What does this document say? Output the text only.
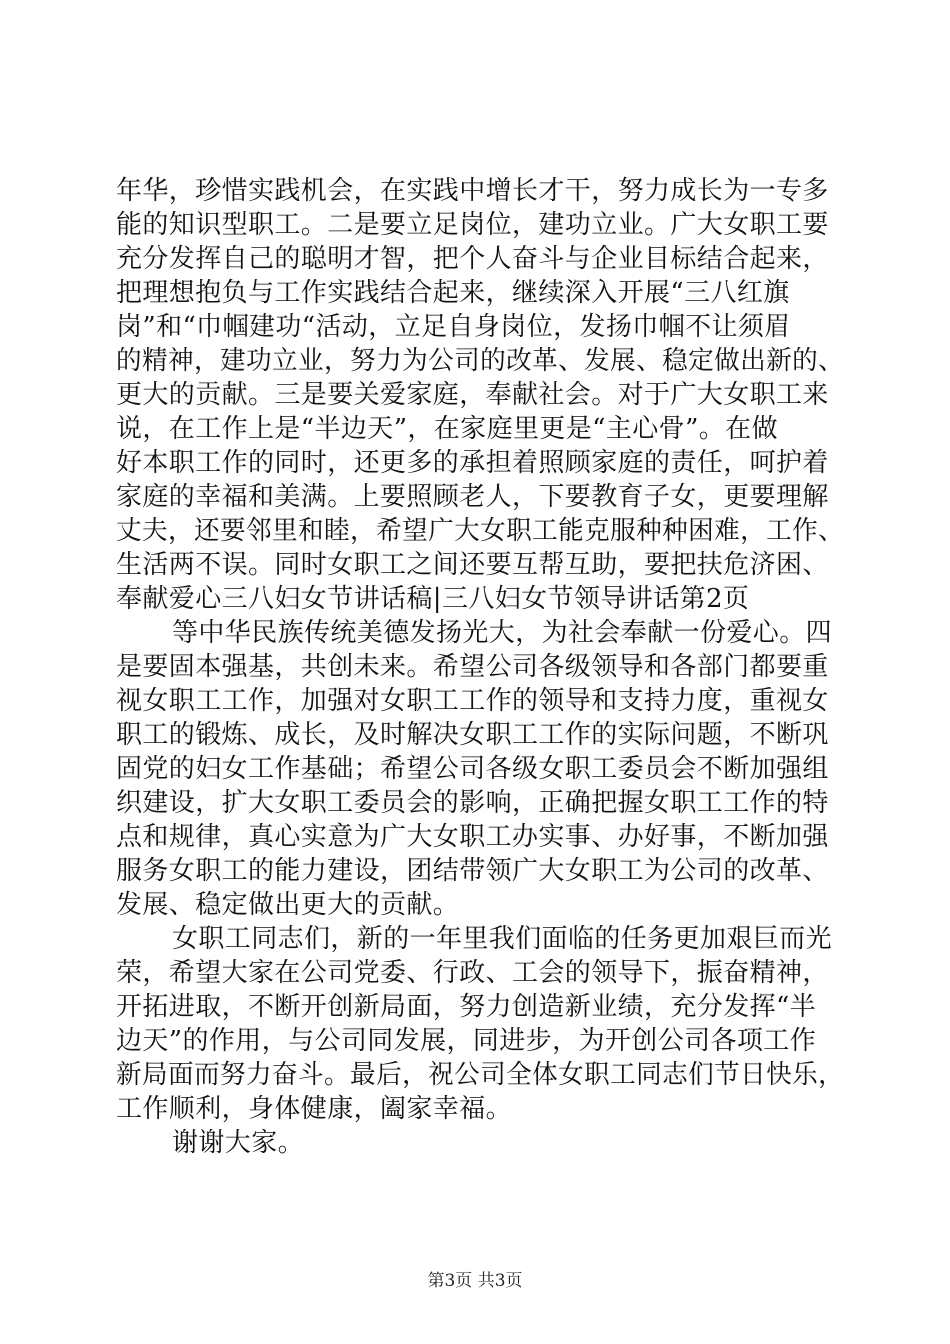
年华，珍惜实践机会，在实践中增长才干，努力成长为一专多
能的知识型职工。二是要立足岗位，建功立业。广大女职工要
充分发挥自己的聪明才智，把个人奋斗与企业目标结合起来，
把理想抱负与工作实践结合起来，继续深入开展“三八红旗
岗”和“巾帼建功“活动，立足自身岗位，发扬巾帼不让须眉
的精神，建功立业，努力为公司的改革、发展、稳定做出新的、
更大的贡献。三是要关爱家庭，奉献社会。对于广大女职工来
说，在工作上是“半边天”，在家庭里更是“主心骨”。在做
好本职工作的同时，还更多的承担着照顾家庭的责任，呵护着
家庭的幸福和美满。上要照顾老人，下要教育子女，更要理解
丈夫，还要邻里和睦，希望广大女职工能克服种种困难，工作、
生活两不误。同时女职工之间还要互帮互助，要把扶危济困、
奉献爱心三八妇女节讲话稿|三八妇女节领导讲话第2页

等中华民族传统美德发扬光大，为社会奉献一份爱心。四
是要固本强基，共创未来。希望公司各级领导和各部门都要重
视女职工工作，加强对女职工工作的领导和支持力度，重视女
职工的锻炼、成长，及时解决女职工工作的实际问题，不断巩
固党的妇女工作基础；希望公司各级女职工委员会不断加强组
织建设，扩大女职工委员会的影响，正确把握女职工工作的特
点和规律，真心实意为广大女职工办实事、办好事，不断加强
服务女职工的能力建设，团结带领广大女职工为公司的改革、
发展、稳定做出更大的贡献。

女职工同志们，新的一年里我们面临的任务更加艰巨而光
荣，希望大家在公司党委、行政、工会的领导下，振奋精神，
开拓进取，不断开创新局面，努力创造新业绩，充分发挥“半
边天”的作用，与公司同发展，同进步，为开创公司各项工作
新局面而努力奋斗。最后，祝公司全体女职工同志们节日快乐，
工作顺利，身体健康，阖家幸福。

谢谢大家。

第3页 共3页
